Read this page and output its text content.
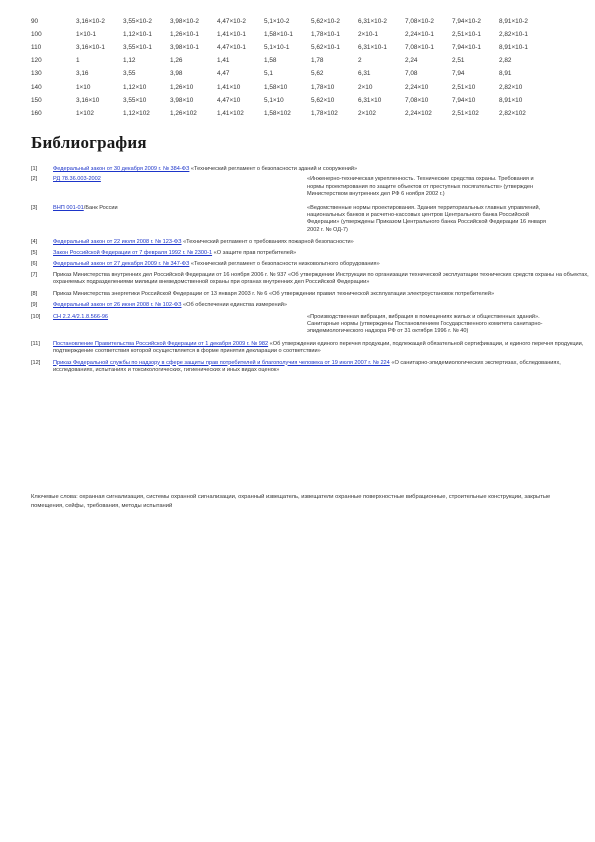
90	3,16×10-2	3,55×10-2	3,98×10-2	4,47×10-2	5,1×10-2	5,62×10-2	6,31×10-2	7,08×10-2	7,94×10-2	8,91×10-2
100	1×10-1	1,12×10-1	1,26×10-1	1,41×10-1	1,58×10-1	1,78×10-1	2×10-1	2,24×10-1	2,51×10-1	2,82×10-1
110	3,16×10-1	3,55×10-1	3,98×10-1	4,47×10-1	5,1×10-1	5,62×10-1	6,31×10-1	7,08×10-1	7,94×10-1	8,91×10-1
120	1	1,12	1,26	1,41	1,58	1,78	2	2,24	2,51	2,82
130	3,16	3,55	3,98	4,47	5,1	5,62	6,31	7,08	7,94	8,91
140	1×10	1,12×10	1,26×10	1,41×10	1,58×10	1,78×10	2×10	2,24×10	2,51×10	2,82×10
150	3,16×10	3,55×10	3,98×10	4,47×10	5,1×10	5,62×10	6,31×10	7,08×10	7,94×10	8,91×10
160	1×102	1,12×102	1,26×102	1,41×102	1,58×102	1,78×102	2×102	2,24×102	2,51×102	2,82×102
Библиография
[1]	Федеральный закон от 30 декабря 2009 г. № 384-ФЗ «Технический регламент о безопасности зданий и сооружений»
[2]	РД 78.36.003-2002	«Инженерно-техническая укрепленность. Технические средства охраны. Требования и нормы проектирования по защите объектов от преступных посягательств» (утвержден Министерством внутренних дел РФ 6 ноября 2002 г.)
[3]	ВНП 001-01/Банк России	«Ведомственные нормы проектирования. Здания территориальных главных управлений, национальных банков и расчетно-кассовых центров Центрального банка Российской Федерации» (утверждены Приказом Центрального банка Российской Федерации 16 января 2002 г. № ОД-7)
[4]	Федеральный закон от 22 июля 2008 г. № 123-ФЗ «Технический регламент о требованиях пожарной безопасности»
[5]	Закон Российской Федерации от 7 февраля 1992 г. № 2300-1 «О защите прав потребителей»
[6]	Федеральный закон от 27 декабря 2009 г. № 347-ФЗ «Технический регламент о безопасности низковольтного оборудования»
[7]	Приказ Министерства внутренних дел Российской Федерации от 16 ноября 2006 г. № 937 «Об утверждении Инструкции по организации технической эксплуатации технических средств охраны на объектах, охраняемых подразделениями милиции вневедомственной охраны при органах внутренних дел Российской Федерации»
[8]	Приказ Министерства энергетики Российской Федерации от 13 января 2003 г. № 6 «Об утверждении правил технической эксплуатации электроустановок потребителей»
[9]	Федеральный закон от 26 июня 2008 г. № 102-ФЗ «Об обеспечении единства измерений»
[10]	СН 2.2.4/2.1.8.566-96	«Производственная вибрация, вибрация в помещениях жилых и общественных зданий». Санитарные нормы (утверждены Постановлением Государственного комитета санитарно-эпидемиологического надзора РФ от 31 октября 1996 г. № 40)
[11]	Постановление Правительства Российской Федерации от 1 декабря 2009 г. № 982 «Об утверждении единого перечня продукции, подлежащей обязательной сертификации, и единого перечня продукции, подтверждение соответствия которой осуществляется в форме принятия декларации о соответствии»
[12]	Приказ Федеральной службы по надзору в сфере защиты прав потребителей и благополучия человека от 19 июля 2007 г. № 224 «О санитарно-эпидемиологических экспертизах, обследованиях, исследованиях, испытаниях и токсикологических, гигиенических и иных видах оценок»

Ключевые слова: охранная сигнализация, системы охранной сигнализации, охранный извещатель, извещатели охранные поверхностные вибрационные, строительные конструкции, закрытые помещения, сейфы, требования, методы испытаний
